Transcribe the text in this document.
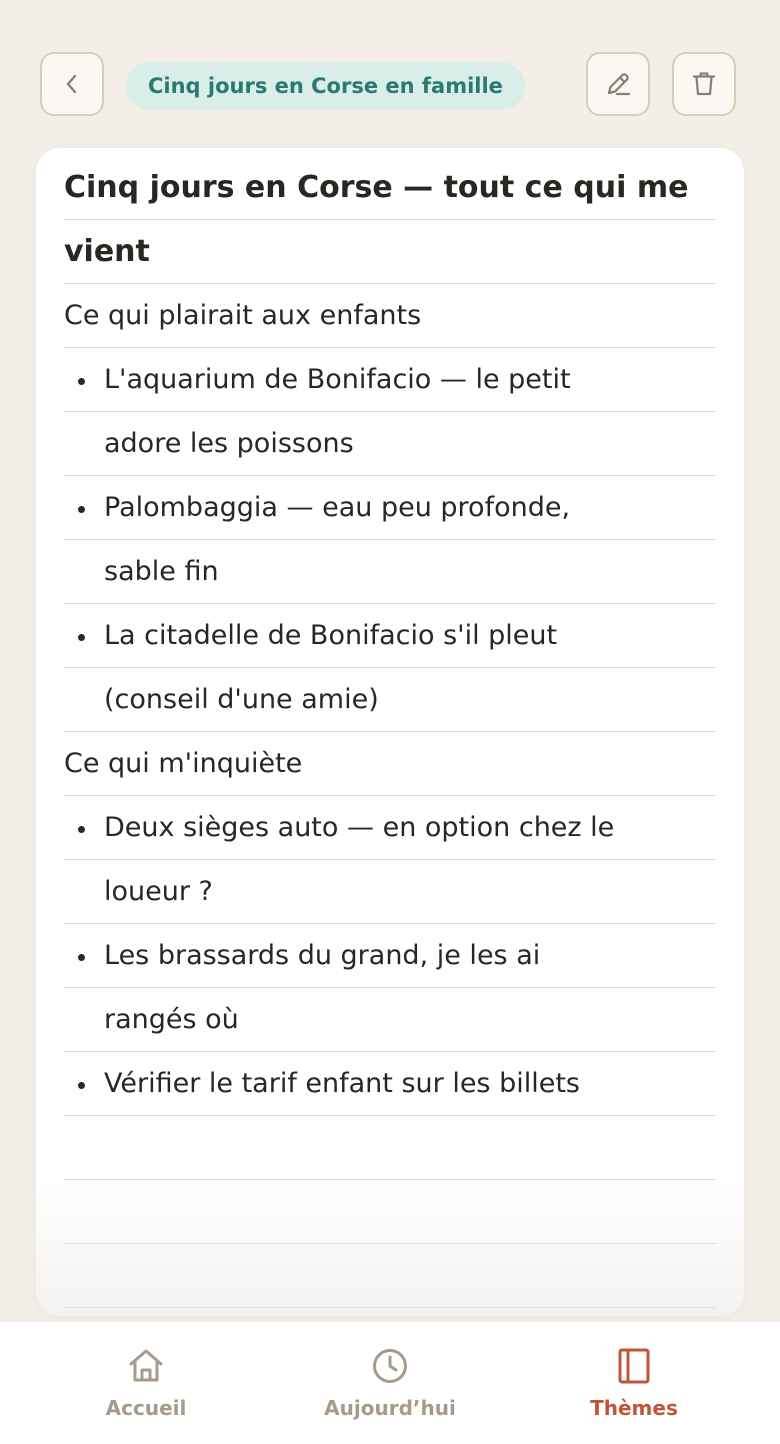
Cinq jours en Corse en famille
Cinq jours en Corse — tout ce qui me
vient
Ce qui plairait aux enfants
L'aquarium de Bonifacio — le petit
adore les poissons
Palombaggia — eau peu profonde,
sable fin
La citadelle de Bonifacio s'il pleut
(conseil d'une amie)
Ce qui m'inquiète
Deux sièges auto — en option chez le
loueur ?
Les brassards du grand, je les ai
rangés où
Vérifier le tarif enfant sur les billets
Accueil	Aujourd’hui	Thèmes
